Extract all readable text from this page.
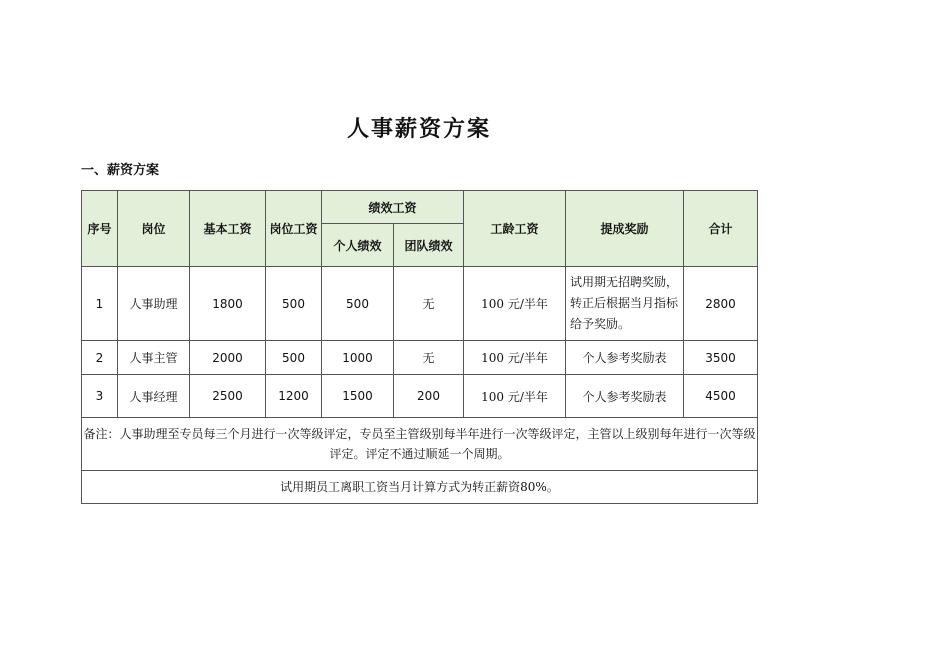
人事薪资方案
一、薪资方案
序号	岗位	基本工资	岗位工资	绩效工资		工龄工资	提成奖励	合计
				个人绩效	团队绩效			
1	人事助理	1800	500	500	无	100 元/半年	试用期无招聘奖励，转正后根据当月指标给予奖励。	2800
2	人事主管	2000	500	1000	无	100 元/半年	个人参考奖励表	3500
3	人事经理	2500	1200	1500	200	100 元/半年	个人参考奖励表	4500
备注：人事助理至专员每三个月进行一次等级评定，专员至主管级别每半年进行一次等级评定，主管以上级别每年进行一次等级评定。评定不通过顺延一个周期。								
试用期员工离职工资当月计算方式为转正薪资80%。								
